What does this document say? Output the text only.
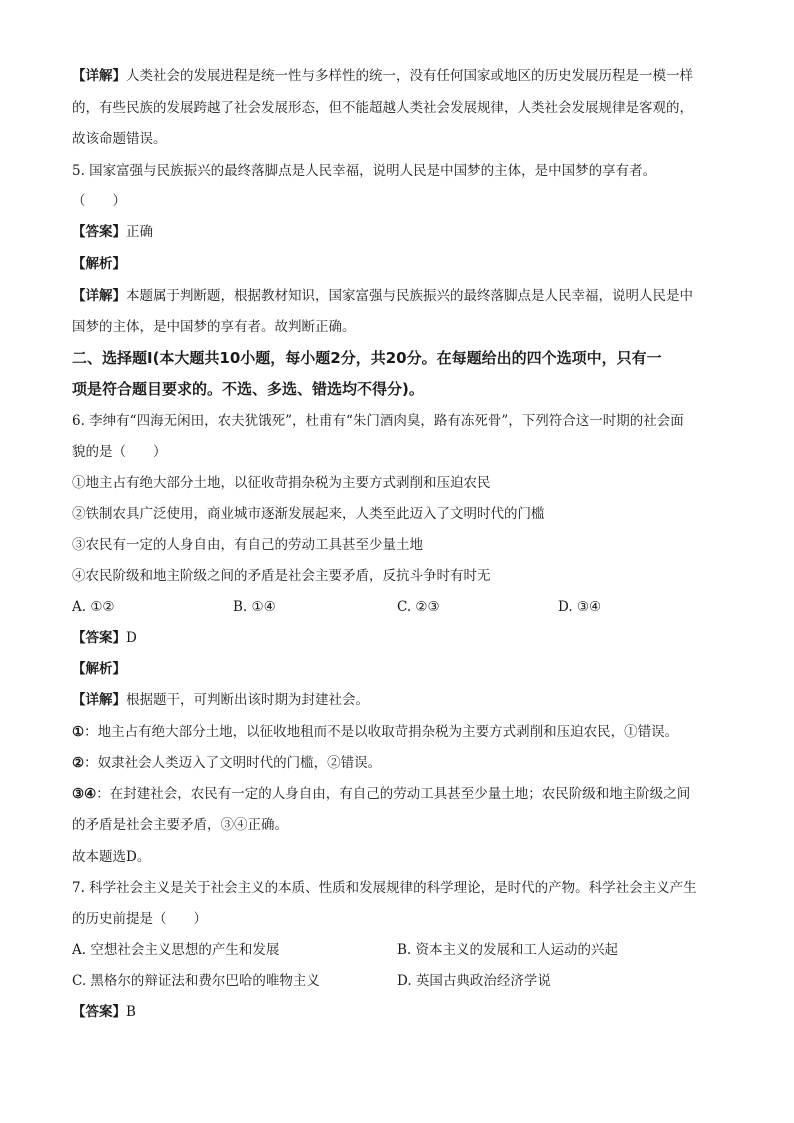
【详解】人类社会的发展进程是统一性与多样性的统一，没有任何国家或地区的历史发展历程是一模一样
的，有些民族的发展跨越了社会发展形态，但不能超越人类社会发展规律，人类社会发展规律是客观的，
故该命题错误。
5. 国家富强与民族振兴的最终落脚点是人民幸福，说明人民是中国梦的主体，是中国梦的享有者。
（　　）
【答案】正确
【解析】
【详解】本题属于判断题，根据教材知识，国家富强与民族振兴的最终落脚点是人民幸福，说明人民是中
国梦的主体，是中国梦的享有者。故判断正确。
二、选择题Ⅰ(本大题共10小题，每小题2分，共20分。在每题给出的四个选项中，只有一
项是符合题目要求的。不选、多选、错选均不得分)。
6. 李绅有“四海无闲田，农夫犹饿死”，杜甫有“朱门酒肉臭，路有冻死骨”，下列符合这一时期的社会面
貌的是（　　）
①地主占有绝大部分土地，以征收苛捐杂税为主要方式剥削和压迫农民
②铁制农具广泛使用，商业城市逐渐发展起来，人类至此迈入了文明时代的门槛
③农民有一定的人身自由，有自己的劳动工具甚至少量土地
④农民阶级和地主阶级之间的矛盾是社会主要矛盾，反抗斗争时有时无
A. ①②	B. ①④	C. ②③	D. ③④
【答案】D
【解析】
【详解】根据题干，可判断出该时期为封建社会。
①：地主占有绝大部分土地，以征收地租而不是以收取苛捐杂税为主要方式剥削和压迫农民，①错误。
②：奴隶社会人类迈入了文明时代的门槛，②错误。
③④：在封建社会，农民有一定的人身自由，有自己的劳动工具甚至少量土地；农民阶级和地主阶级之间
的矛盾是社会主要矛盾，③④正确。
故本题选D。
7. 科学社会主义是关于社会主义的本质、性质和发展规律的科学理论，是时代的产物。科学社会主义产生
的历史前提是（　　）
A. 空想社会主义思想的产生和发展	B. 资本主义的发展和工人运动的兴起
C. 黑格尔的辩证法和费尔巴哈的唯物主义	D. 英国古典政治经济学说
【答案】B
